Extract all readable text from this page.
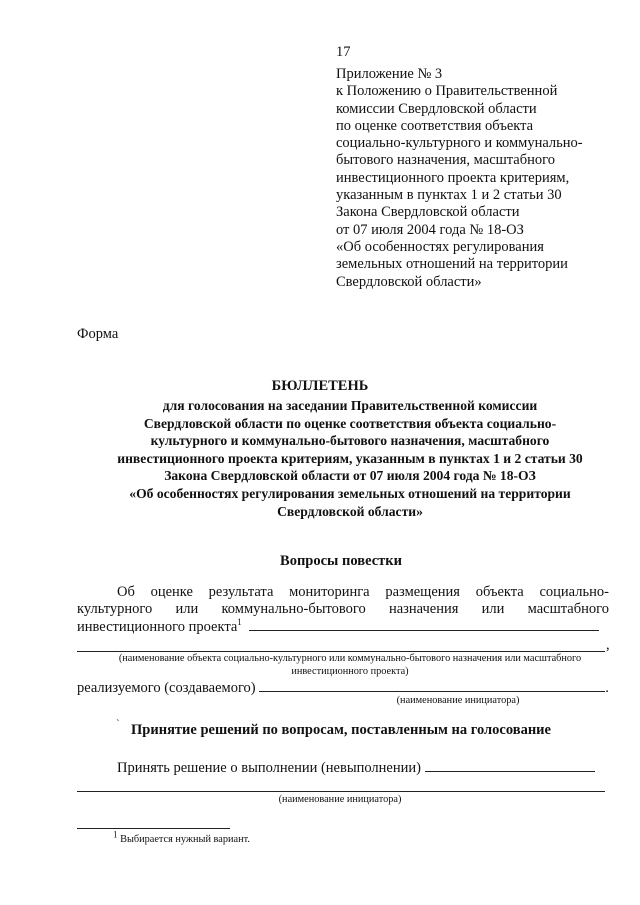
17
Приложение № 3
к Положению о Правительственной
комиссии Свердловской области
по оценке соответствия объекта
социально-культурного и коммунально-
бытового назначения, масштабного
инвестиционного проекта критериям,
указанным в пунктах 1 и 2 статьи 30
Закона Свердловской области
от 07 июля 2004 года № 18-ОЗ
«Об особенностях регулирования
земельных отношений на территории
Свердловской области»
Форма
БЮЛЛЕТЕНЬ
для голосования на заседании Правительственной комиссии
Свердловской области по оценке соответствия объекта социально-
культурного и коммунально-бытового назначения, масштабного
инвестиционного проекта критериям, указанным в пунктах 1 и 2 статьи 30
Закона Свердловской области от 07 июля 2004 года № 18-ОЗ
«Об особенностях регулирования земельных отношений на территории
Свердловской области»
Вопросы повестки
Об оценке результата мониторинга размещения объекта социально-
культурного или коммунально-бытового назначения или масштабного
инвестиционного проекта$^1$
,
(наименование объекта социально-культурного или коммунально-бытового назначения или масштабного
инвестиционного проекта)
реализуемого (создаваемого)	.
(наименование инициатора)
` Принятие решений по вопросам, поставленным на голосование
Принять решение о выполнении (невыполнении)
(наименование инициатора)
$^1$ Выбирается нужный вариант.
